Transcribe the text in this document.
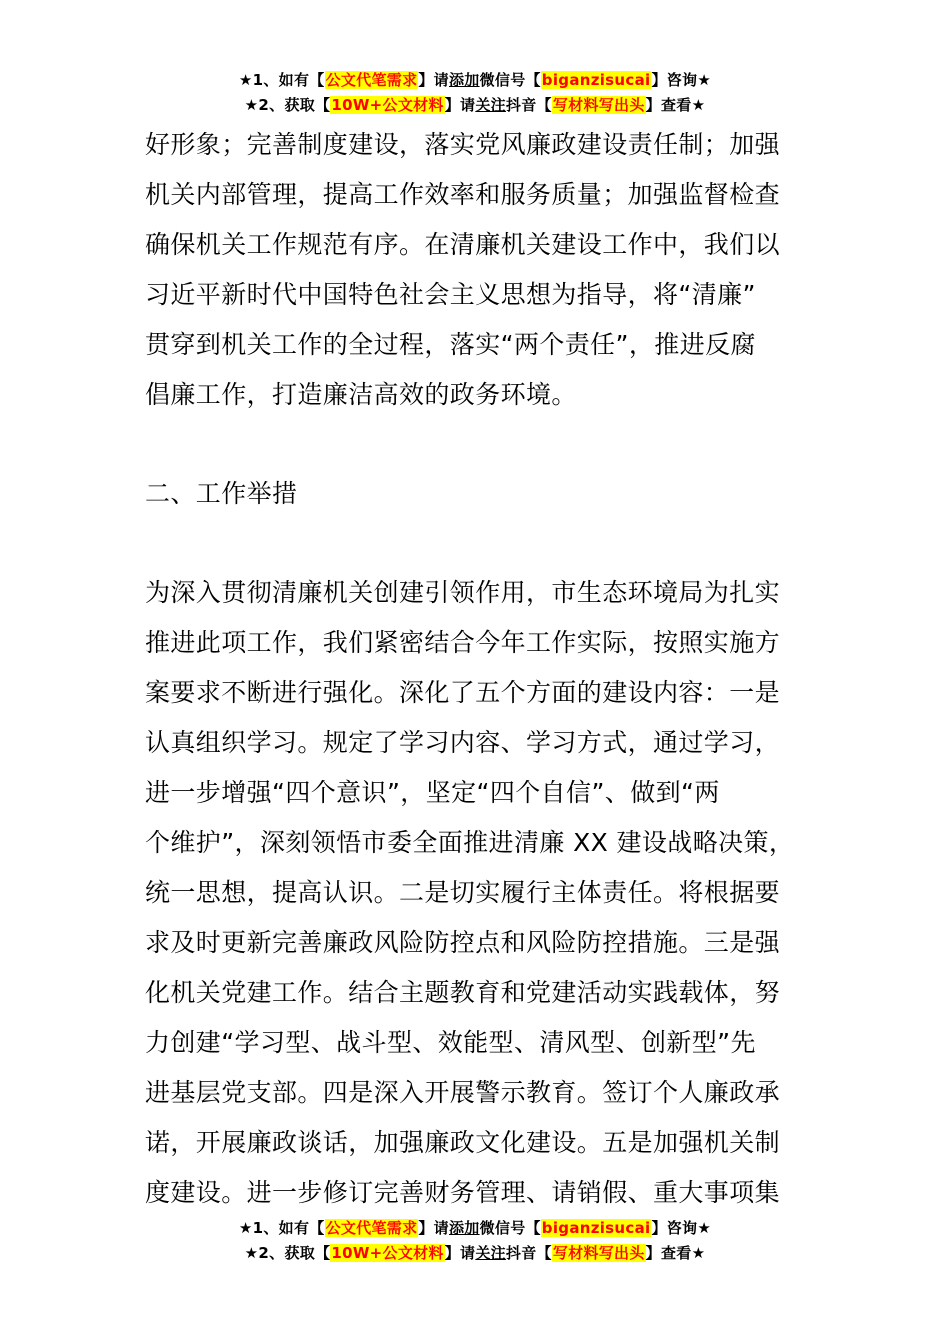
★1、如有【公文代笔需求】请添加微信号【biganzisucai】咨询★
★2、获取【10W+公文材料】请关注抖音【写材料写出头】查看★
好形象；完善制度建设，落实党风廉政建设责任制；加强
机关内部管理，提高工作效率和服务质量；加强监督检查
确保机关工作规范有序。在清廉机关建设工作中，我们以
习近平新时代中国特色社会主义思想为指导，将“清廉”
贯穿到机关工作的全过程，落实“两个责任”，推进反腐
倡廉工作，打造廉洁高效的政务环境。
二、工作举措
为深入贯彻清廉机关创建引领作用，市生态环境局为扎实
推进此项工作，我们紧密结合今年工作实际，按照实施方
案要求不断进行强化。深化了五个方面的建设内容：一是
认真组织学习。规定了学习内容、学习方式，通过学习，
进一步增强“四个意识”，坚定“四个自信”、做到“两
个维护”，深刻领悟市委全面推进清廉 XX 建设战略决策，
统一思想，提高认识。二是切实履行主体责任。将根据要
求及时更新完善廉政风险防控点和风险防控措施。三是强
化机关党建工作。结合主题教育和党建活动实践载体，努
力创建“学习型、战斗型、效能型、清风型、创新型”先
进基层党支部。四是深入开展警示教育。签订个人廉政承
诺，开展廉政谈话，加强廉政文化建设。五是加强机关制
度建设。进一步修订完善财务管理、请销假、重大事项集
★1、如有【公文代笔需求】请添加微信号【biganzisucai】咨询★
★2、获取【10W+公文材料】请关注抖音【写材料写出头】查看★
